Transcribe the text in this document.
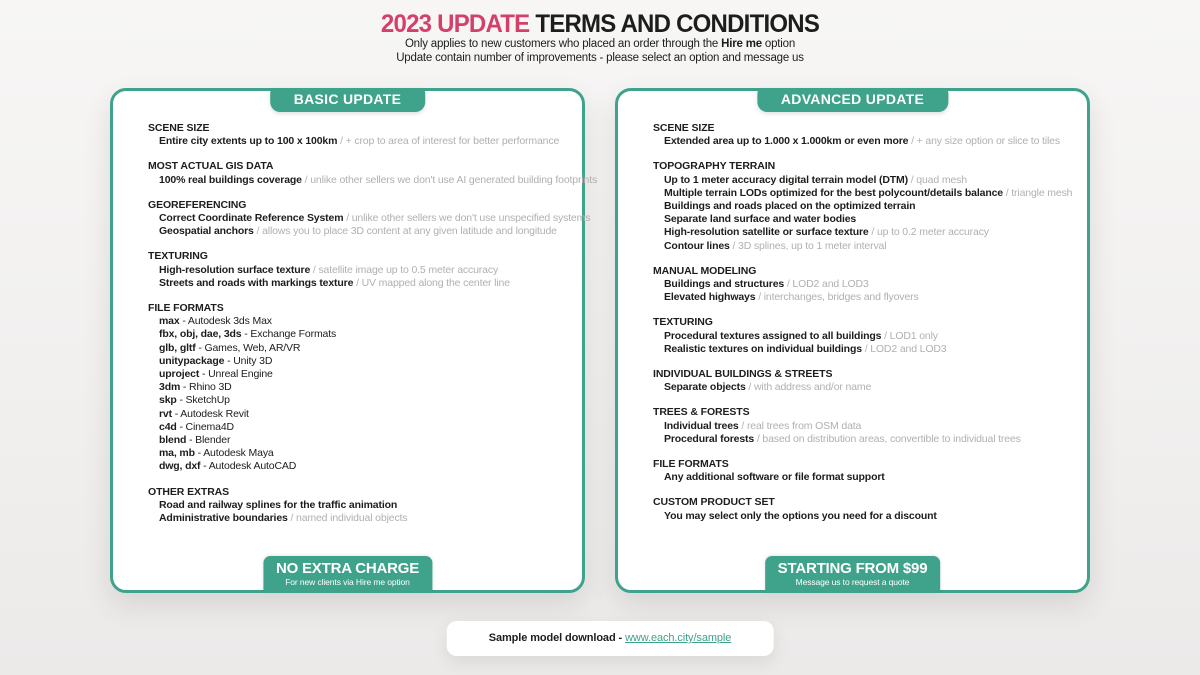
2023 UPDATE TERMS AND CONDITIONS

Only applies to new customers who placed an order through the Hire me option

Update contain number of improvements - please select an option and message us

BASIC UPDATE
SCENE SIZE
Entire city extents up to 100 x 100km / + crop to area of interest for better performance
MOST ACTUAL GIS DATA
100% real buildings coverage / unlike other sellers we don't use AI generated building footprints
GEOREFERENCING
Correct Coordinate Reference System / unlike other sellers we don't use unspecified systems
Geospatial anchors / allows you to place 3D content at any given latitude and longitude
TEXTURING
High-resolution surface texture / satellite image up to 0.5 meter accuracy
Streets and roads with markings texture / UV mapped along the center line
FILE FORMATS
max - Autodesk 3ds Max
fbx, obj, dae, 3ds - Exchange Formats
glb, gltf - Games, Web, AR/VR
unitypackage - Unity 3D
uproject - Unreal Engine
3dm - Rhino 3D
skp - SketchUp
rvt - Autodesk Revit
c4d - Cinema4D
blend - Blender
ma, mb - Autodesk Maya
dwg, dxf - Autodesk AutoCAD
OTHER EXTRAS
Road and railway splines for the traffic animation
Administrative boundaries / named individual objects
NO EXTRA CHARGE
For new clients via Hire me option
ADVANCED UPDATE
SCENE SIZE
Extended area up to 1.000 x 1.000km or even more / + any size option or slice to tiles
TOPOGRAPHY TERRAIN
Up to 1 meter accuracy digital terrain model (DTM) / quad mesh
Multiple terrain LODs optimized for the best polycount/details balance / triangle mesh
Buildings and roads placed on the optimized terrain
Separate land surface and water bodies
High-resolution satellite or surface texture / up to 0.2 meter accuracy
Contour lines / 3D splines, up to 1 meter interval
MANUAL MODELING
Buildings and structures / LOD2 and LOD3
Elevated highways / interchanges, bridges and flyovers
TEXTURING
Procedural textures assigned to all buildings / LOD1 only
Realistic textures on individual buildings / LOD2 and LOD3
INDIVIDUAL BUILDINGS & STREETS
Separate objects / with address and/or name
TREES & FORESTS
Individual trees / real trees from OSM data
Procedural forests / based on distribution areas, convertible to individual trees
FILE FORMATS
Any additional software or file format support
CUSTOM PRODUCT SET
You may select only the options you need for a discount
STARTING FROM $99
Message us to request a quote
Sample model download - www.each.city/sample
